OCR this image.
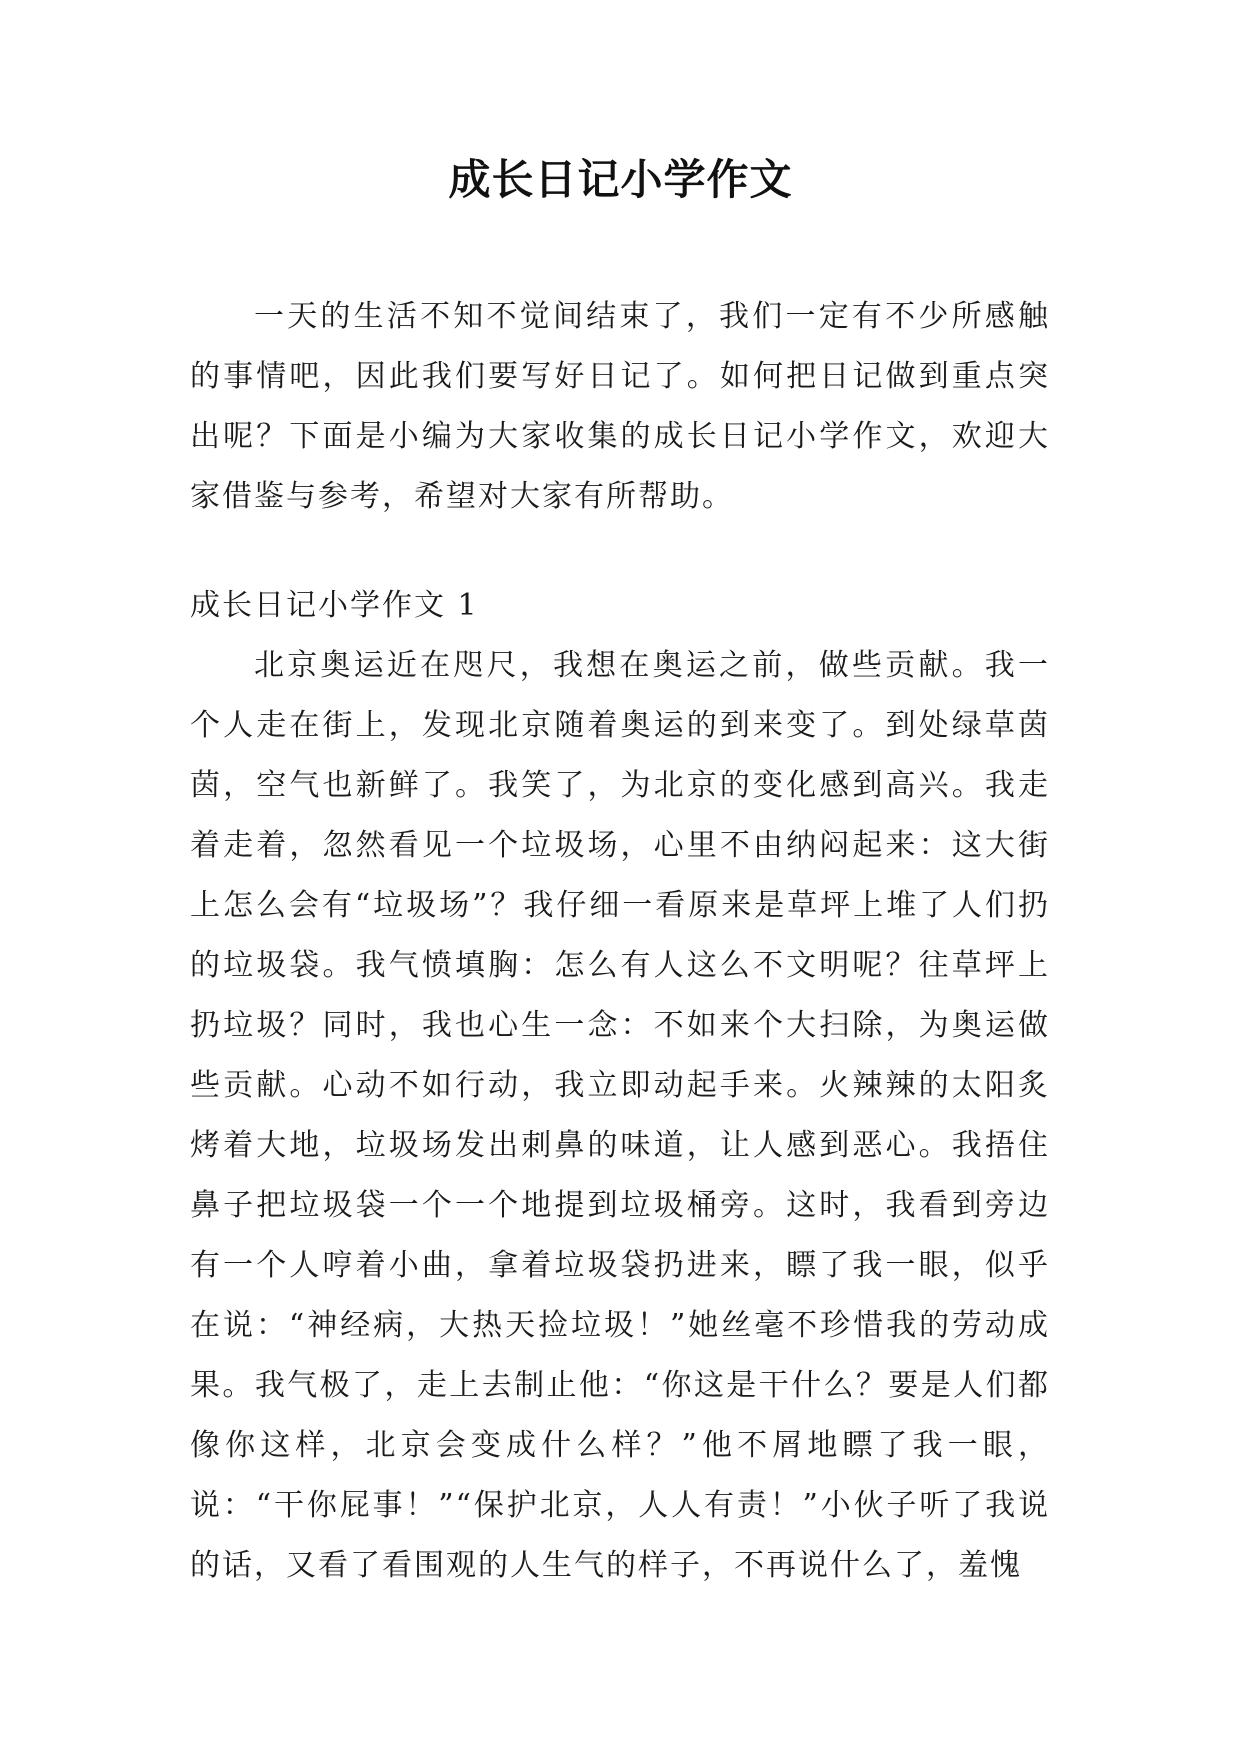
成长日记小学作文

一天的生活不知不觉间结束了，我们一定有不少所感触的事情吧，因此我们要写好日记了。如何把日记做到重点突出呢？下面是小编为大家收集的成长日记小学作文，欢迎大家借鉴与参考，希望对大家有所帮助。

成长日记小学作文 1

北京奥运近在咫尺，我想在奥运之前，做些贡献。我一个人走在街上，发现北京随着奥运的到来变了。到处绿草茵茵，空气也新鲜了。我笑了，为北京的变化感到高兴。我走着走着，忽然看见一个垃圾场，心里不由纳闷起来：这大街上怎么会有“垃圾场”？我仔细一看原来是草坪上堆了人们扔的垃圾袋。我气愤填胸：怎么有人这么不文明呢？往草坪上扔垃圾？同时，我也心生一念：不如来个大扫除，为奥运做些贡献。心动不如行动，我立即动起手来。火辣辣的太阳炙烤着大地，垃圾场发出刺鼻的味道，让人感到恶心。我捂住鼻子把垃圾袋一个一个地提到垃圾桶旁。这时，我看到旁边有一个人哼着小曲，拿着垃圾袋扔进来，瞟了我一眼，似乎在说：“神经病，大热天捡垃圾！”她丝毫不珍惜我的劳动成果。我气极了，走上去制止他：“你这是干什么？要是人们都像你这样，北京会变成什么样？”他不屑地瞟了我一眼，说：“干你屁事！”“保护北京，人人有责！”小伙子听了我说的话，又看了看围观的人生气的样子，不再说什么了，羞愧
